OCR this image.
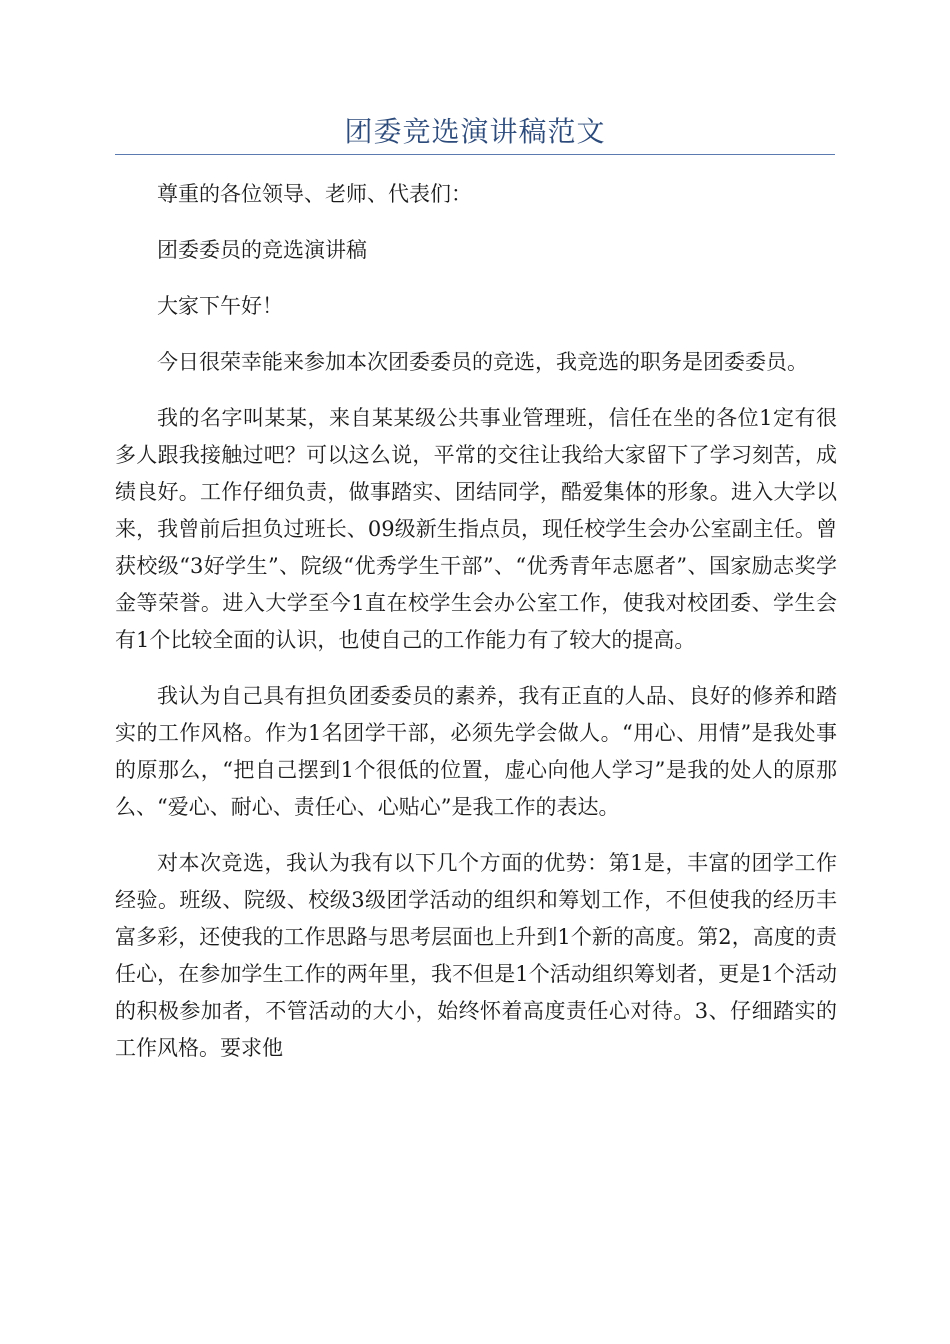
团委竞选演讲稿范文

尊重的各位领导、老师、代表们：

团委委员的竞选演讲稿

大家下午好！

今日很荣幸能来参加本次团委委员的竞选，我竞选的职务是团委委员。

我的名字叫某某，来自某某级公共事业管理班，信任在坐的各位1定有很多人跟我接触过吧？可以这么说，平常的交往让我给大家留下了学习刻苦，成绩良好。工作仔细负责，做事踏实、团结同学，酷爱集体的形象。进入大学以来，我曾前后担负过班长、09级新生指点员，现任校学生会办公室副主任。曾获校级“3好学生”、院级“优秀学生干部”、“优秀青年志愿者”、国家励志奖学金等荣誉。进入大学至今1直在校学生会办公室工作，使我对校团委、学生会有1个比较全面的认识，也使自己的工作能力有了较大的提高。

我认为自己具有担负团委委员的素养，我有正直的人品、良好的修养和踏实的工作风格。作为1名团学干部，必须先学会做人。“用心、用情”是我处事的原那么，“把自己摆到1个很低的位置，虚心向他人学习”是我的处人的原那么、“爱心、耐心、责任心、心贴心”是我工作的表达。

对本次竞选，我认为我有以下几个方面的优势：第1是，丰富的团学工作经验。班级、院级、校级3级团学活动的组织和筹划工作，不但使我的经历丰富多彩，还使我的工作思路与思考层面也上升到1个新的高度。第2，高度的责任心，在参加学生工作的两年里，我不但是1个活动组织筹划者，更是1个活动的积极参加者，不管活动的大小，始终怀着高度责任心对待。3、仔细踏实的工作风格。要求他
